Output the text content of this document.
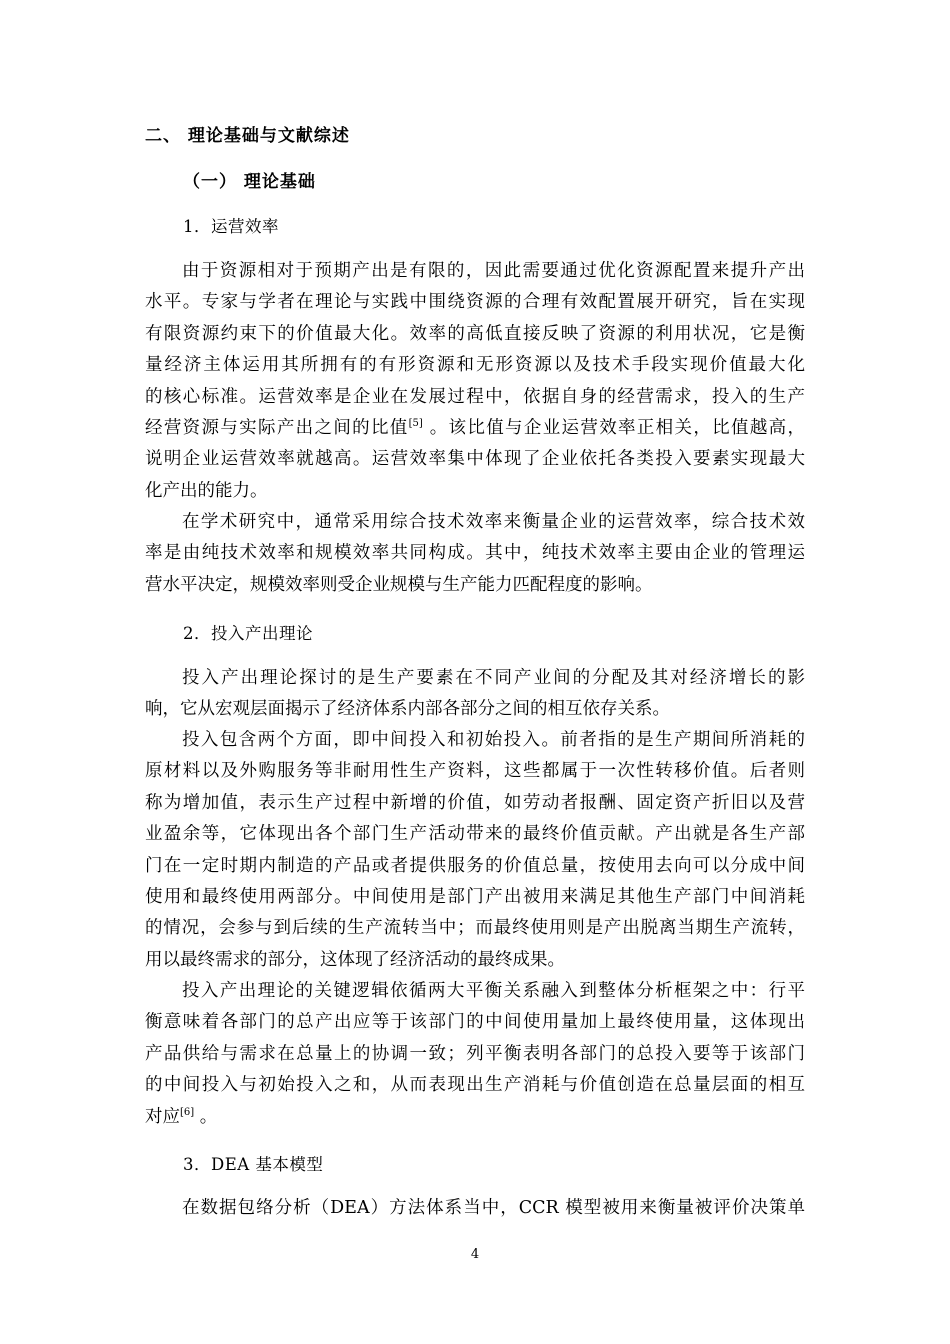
二、 理论基础与文献综述
（一） 理论基础
1．运营效率
由于资源相对于预期产出是有限的，因此需要通过优化资源配置来提升产出
水平。专家与学者在理论与实践中围绕资源的合理有效配置展开研究，旨在实现
有限资源约束下的价值最大化。效率的高低直接反映了资源的利用状况，它是衡
量经济主体运用其所拥有的有形资源和无形资源以及技术手段实现价值最大化
的核心标准。运营效率是企业在发展过程中，依据自身的经营需求，投入的生产
经营资源与实际产出之间的比值[5] 。该比值与企业运营效率正相关，比值越高，
说明企业运营效率就越高。运营效率集中体现了企业依托各类投入要素实现最大
化产出的能力。
在学术研究中，通常采用综合技术效率来衡量企业的运营效率，综合技术效
率是由纯技术效率和规模效率共同构成。其中，纯技术效率主要由企业的管理运
营水平决定，规模效率则受企业规模与生产能力匹配程度的影响。
2．投入产出理论
投入产出理论探讨的是生产要素在不同产业间的分配及其对经济增长的影
响，它从宏观层面揭示了经济体系内部各部分之间的相互依存关系。
投入包含两个方面，即中间投入和初始投入。前者指的是生产期间所消耗的
原材料以及外购服务等非耐用性生产资料，这些都属于一次性转移价值。后者则
称为增加值，表示生产过程中新增的价值，如劳动者报酬、固定资产折旧以及营
业盈余等，它体现出各个部门生产活动带来的最终价值贡献。产出就是各生产部
门在一定时期内制造的产品或者提供服务的价值总量，按使用去向可以分成中间
使用和最终使用两部分。中间使用是部门产出被用来满足其他生产部门中间消耗
的情况，会参与到后续的生产流转当中；而最终使用则是产出脱离当期生产流转，
用以最终需求的部分，这体现了经济活动的最终成果。
投入产出理论的关键逻辑依循两大平衡关系融入到整体分析框架之中：行平
衡意味着各部门的总产出应等于该部门的中间使用量加上最终使用量，这体现出
产品供给与需求在总量上的协调一致；列平衡表明各部门的总投入要等于该部门
的中间投入与初始投入之和，从而表现出生产消耗与价值创造在总量层面的相互
对应[6] 。
3．DEA 基本模型
在数据包络分析（DEA）方法体系当中，CCR 模型被用来衡量被评价决策单
4
